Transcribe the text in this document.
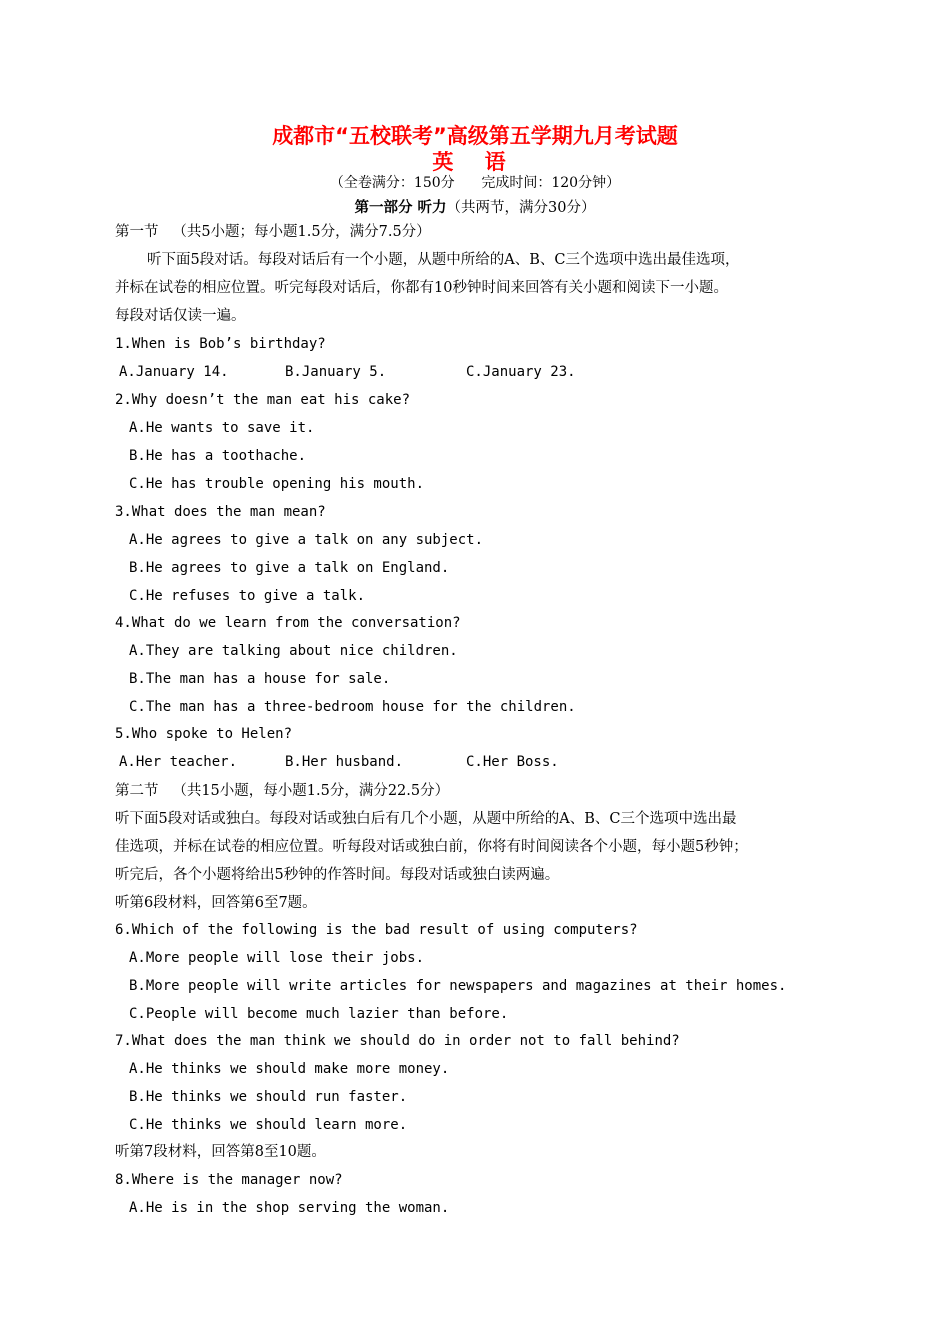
成都市“五校联考”高级第五学期九月考试题
英 语
（全卷满分：150分      完成时间：120分钟）
第一部分 听力（共两节，满分30分）
第一节   （共5小题；每小题1.5分，满分7.5分）
听下面5段对话。每段对话后有一个小题，从题中所给的A、B、C三个选项中选出最佳选项，
并标在试卷的相应位置。听完每段对话后，你都有10秒钟时间来回答有关小题和阅读下一小题。
每段对话仅读一遍。
1.When is Bob’s birthday?

A.January 14.

	B.January 5.

	C.January 23.

2.Why doesn’t the man eat his cake?
A.He wants to save it.
B.He has a toothache.
C.He has trouble opening his mouth.
3.What does the man mean?
A.He agrees to give a talk on any subject.
B.He agrees to give a talk on England.
C.He refuses to give a talk.
4.What do we learn from the conversation?
A.They are talking about nice children.
B.The man has a house for sale.
C.The man has a three-bedroom house for the children.
5.Who spoke to Helen?

A.Her teacher.

	B.Her husband.

	C.Her Boss.

第二节   （共15小题，每小题1.5分，满分22.5分）
听下面5段对话或独白。每段对话或独白后有几个小题，从题中所给的A、B、C三个选项中选出最
佳选项，并标在试卷的相应位置。听每段对话或独白前，你将有时间阅读各个小题，每小题5秒钟；
听完后，各个小题将给出5秒钟的作答时间。每段对话或独白读两遍。
听第6段材料，回答第6至7题。
6.Which of the following is the bad result of using computers?
A.More people will lose their jobs.
B.More people will write articles for newspapers and magazines at their homes.
C.People will become much lazier than before.
7.What does the man think we should do in order not to fall behind?
A.He thinks we should make more money.
B.He thinks we should run faster.
C.He thinks we should learn more.
听第7段材料，回答第8至10题。
8.Where is the manager now?
A.He is in the shop serving the woman.
